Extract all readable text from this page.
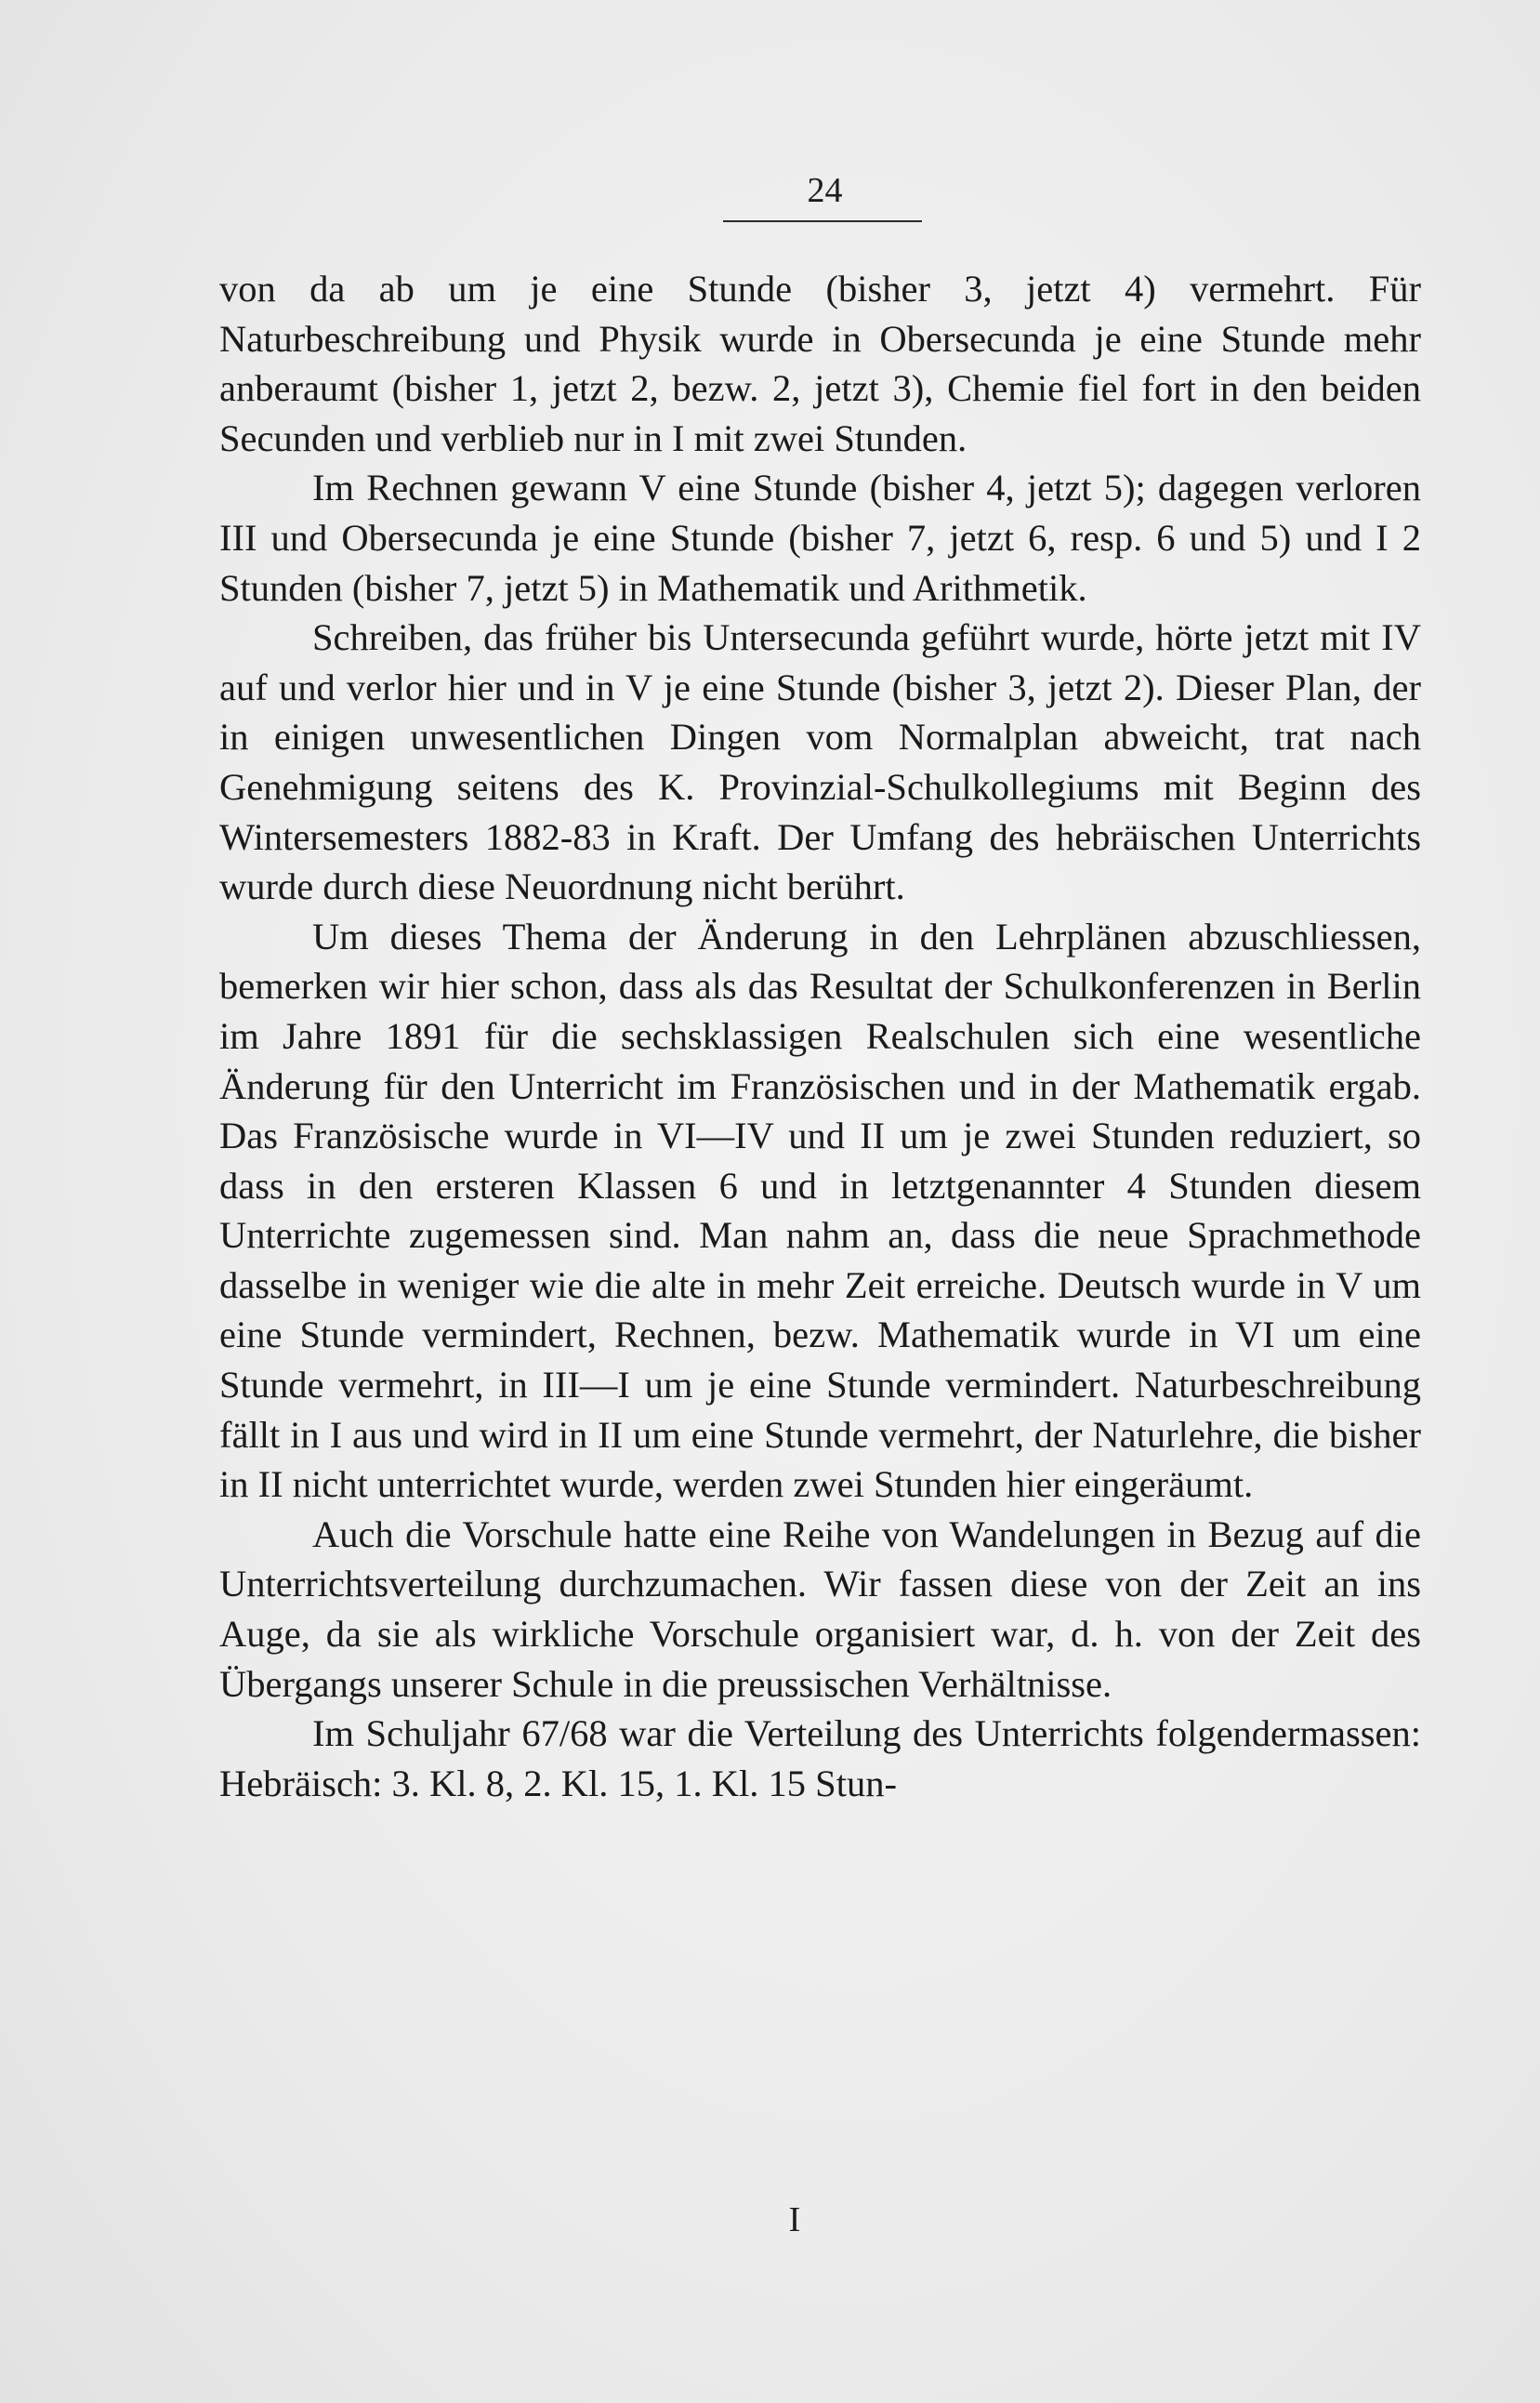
24

von da ab um je eine Stunde (bisher 3, jetzt 4) vermehrt. Für Naturbeschreibung und Physik wurde in Obersecunda je eine Stunde mehr anberaumt (bisher 1, jetzt 2, bezw. 2, jetzt 3), Chemie fiel fort in den beiden Secunden und verblieb nur in I mit zwei Stunden.

Im Rechnen gewann V eine Stunde (bisher 4, jetzt 5); dagegen verloren III und Obersecunda je eine Stunde (bisher 7, jetzt 6, resp. 6 und 5) und I 2 Stunden (bisher 7, jetzt 5) in Mathematik und Arithmetik.

Schreiben, das früher bis Untersecunda geführt wurde, hörte jetzt mit IV auf und verlor hier und in V je eine Stunde (bisher 3, jetzt 2). Dieser Plan, der in einigen unwesentlichen Dingen vom Normalplan abweicht, trat nach Genehmigung seitens des K. Provinzial-Schulkollegiums mit Beginn des Wintersemesters 1882-83 in Kraft. Der Umfang des hebräischen Unterrichts wurde durch diese Neuordnung nicht berührt.

Um dieses Thema der Änderung in den Lehrplänen abzuschliessen, bemerken wir hier schon, dass als das Resultat der Schulkonferenzen in Berlin im Jahre 1891 für die sechsklassigen Realschulen sich eine wesentliche Änderung für den Unterricht im Französischen und in der Mathematik ergab. Das Französische wurde in VI—IV und II um je zwei Stunden reduziert, so dass in den ersteren Klassen 6 und in letztgenannter 4 Stunden diesem Unterrichte zugemessen sind. Man nahm an, dass die neue Sprachmethode dasselbe in weniger wie die alte in mehr Zeit erreiche. Deutsch wurde in V um eine Stunde vermindert, Rechnen, bezw. Mathematik wurde in VI um eine Stunde vermehrt, in III—I um je eine Stunde vermindert. Naturbeschreibung fällt in I aus und wird in II um eine Stunde vermehrt, der Naturlehre, die bisher in II nicht unterrichtet wurde, werden zwei Stunden hier eingeräumt.

Auch die Vorschule hatte eine Reihe von Wandelungen in Bezug auf die Unterrichtsverteilung durchzumachen. Wir fassen diese von der Zeit an ins Auge, da sie als wirkliche Vorschule organisiert war, d. h. von der Zeit des Übergangs unserer Schule in die preussischen Verhältnisse.

Im Schuljahr 67/68 war die Verteilung des Unterrichts folgendermassen: Hebräisch: 3. Kl. 8, 2. Kl. 15, 1. Kl. 15 Stun-

I
